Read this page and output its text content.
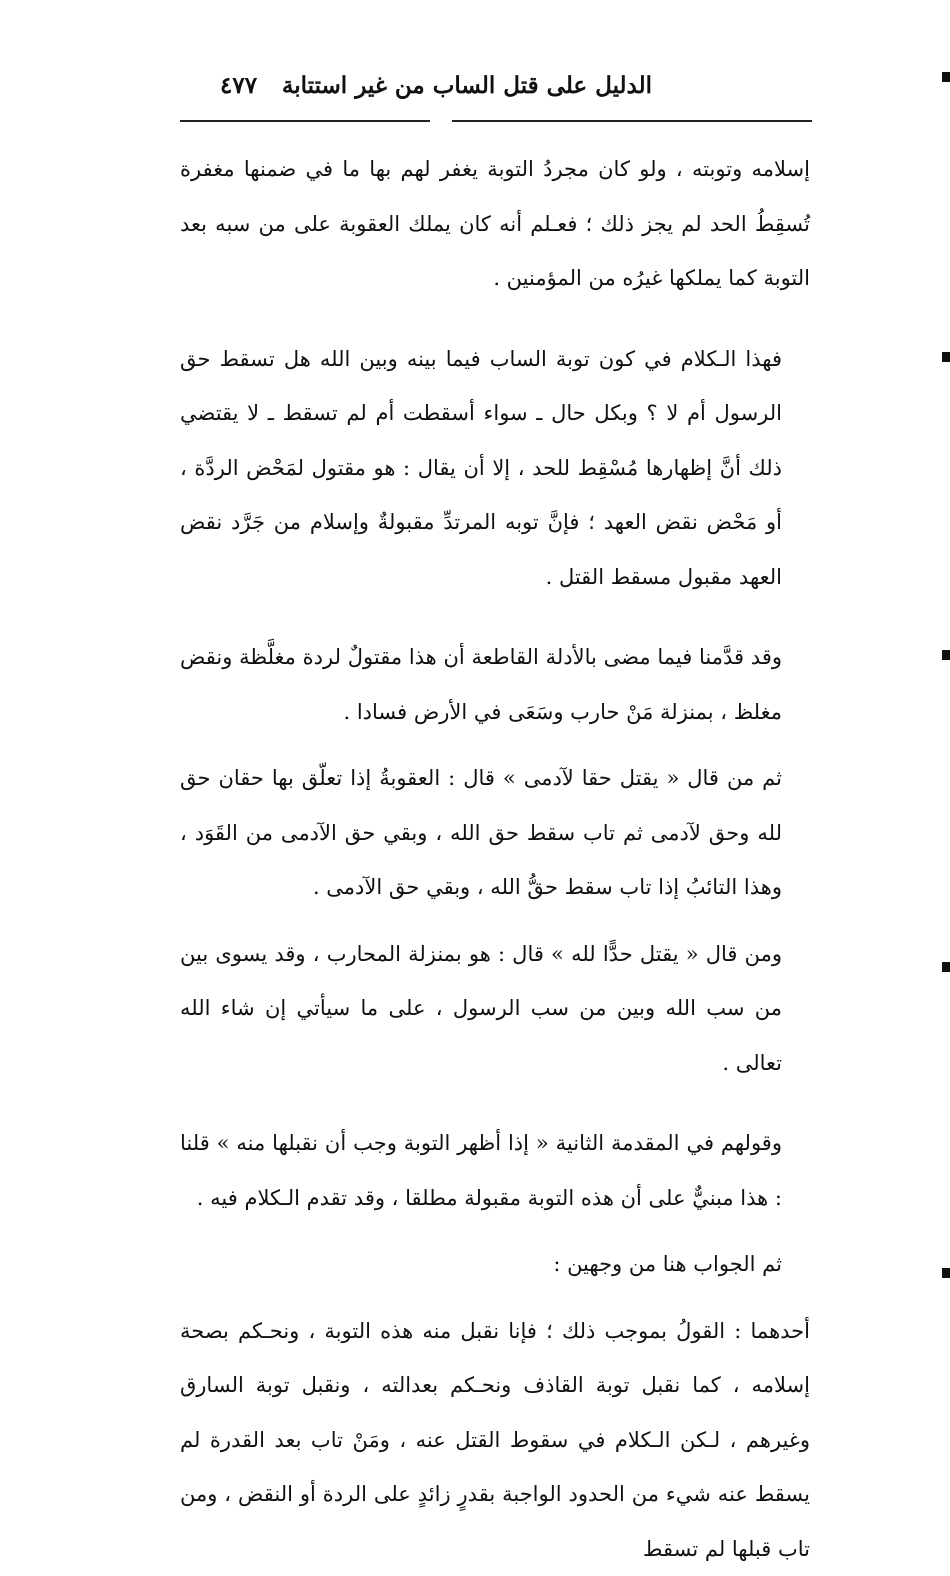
الدليل على قتل الساب من غير استتابة
٤٧٧

إسلامه وتوبته ، ولو كان مجردُ التوبة يغفر لهم بها ما في ضمنها مغفرة تُسقِطُ الحد لم يجز ذلك ؛ فعـلم أنه كان يملك العقوبة على من سبه بعد التوبة كما يملكها غيرُه من المؤمنين .

فهذا الـكلام في كون توبة الساب فيما بينه وبين الله هل تسقط حق الرسول أم لا ؟ وبكل حال ـ سواء أسقطت أم لم تسقط ـ لا يقتضي ذلك أنَّ إظهارها مُسْقِط للحد ، إلا أن يقال : هو مقتول لمَحْض الردَّة ، أو مَحْض نقض العهد ؛ فإنَّ توبه المرتدِّ مقبولةٌ وإسلام من جَرَّد نقض العهد مقبول مسقط القتل .

وقد قدَّمنا فيما مضى بالأدلة القاطعة أن هذا مقتولٌ لردة مغلَّظة ونقض مغلظ ، بمنزلة مَنْ حارب وسَعَى في الأرض فسادا .

ثم من قال « يقتل حقا لآدمى » قال : العقوبةُ إذا تعلّق بها حقان حق لله وحق لآدمى ثم تاب سقط حق الله ، وبقي حق الآدمى من القَوَد ، وهذا التائبُ إذا تاب سقط حقُّ الله ، وبقي حق الآدمى .

ومن قال « يقتل حدًّا لله » قال : هو بمنزلة المحارب ، وقد يسوى بين من سب الله وبين من سب الرسول ، على ما سيأتي إن شاء الله تعالى .

وقولهم في المقدمة الثانية « إذا أظهر التوبة وجب أن نقبلها منه » قلنا : هذا مبنيٌّ على أن هذه التوبة مقبولة مطلقا ، وقد تقدم الـكلام فيه .

ثم الجواب هنا من وجهين :

أحدهما : القولُ بموجب ذلك ؛ فإنا نقبل منه هذه التوبة ، ونحـكم بصحة إسلامه ، كما نقبل توبة القاذف ونحـكم بعدالته ، ونقبل توبة السارق وغيرهم ، لـكن الـكلام في سقوط القتل عنه ، ومَنْ تاب بعد القدرة لم يسقط عنه شيء من الحدود الواجبة بقدرٍ زائدٍ على الردة أو النقض ، ومن تاب قبلها لم تسقط
